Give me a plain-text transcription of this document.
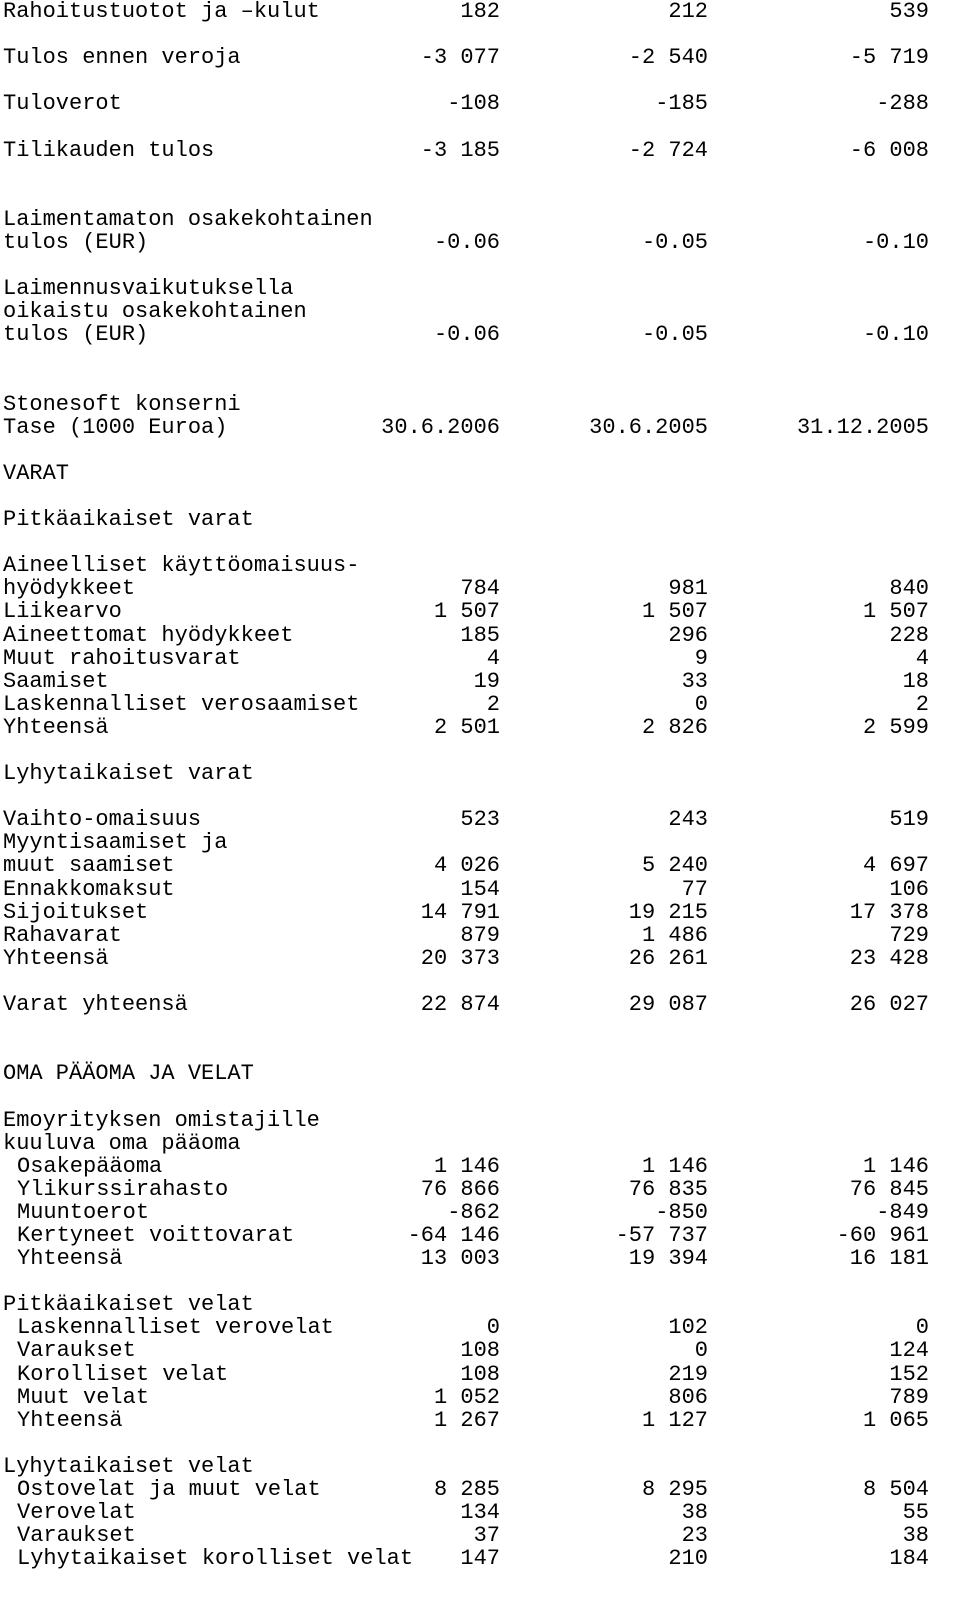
Rahoitustuotot ja –kulut	182	212	539
Tulos ennen veroja	-3 077	-2 540	-5 719
Tuloverot	-108	-185	-288
Tilikauden tulos	-3 185	-2 724	-6 008
Laimentamaton osakekohtainen
tulos (EUR)	-0.06	-0.05	-0.10
Laimennusvaikutuksella
oikaistu osakekohtainen
tulos (EUR)	-0.06	-0.05	-0.10
Stonesoft konserni
Tase (1000 Euroa)	30.6.2006	30.6.2005	31.12.2005
VARAT
Pitkäaikaiset varat
Aineelliset käyttöomaisuus-
hyödykkeet	784	981	840
Liikearvo	1 507	1 507	1 507
Aineettomat hyödykkeet	185	296	228
Muut rahoitusvarat	4	9	4
Saamiset	19	33	18
Laskennalliset verosaamiset	2	0	2
Yhteensä	2 501	2 826	2 599
Lyhytaikaiset varat
Vaihto-omaisuus	523	243	519
Myyntisaamiset ja
muut saamiset	4 026	5 240	4 697
Ennakkomaksut	154	77	106
Sijoitukset	14 791	19 215	17 378
Rahavarat	879	1 486	729
Yhteensä	20 373	26 261	23 428
Varat yhteensä	22 874	29 087	26 027
OMA PÄÄOMA JA VELAT
Emoyrityksen omistajille
kuuluva oma pääoma
Osakepääoma	1 146	1 146	1 146
Ylikurssirahasto	76 866	76 835	76 845
Muuntoerot	-862	-850	-849
Kertyneet voittovarat	-64 146	-57 737	-60 961
Yhteensä	13 003	19 394	16 181
Pitkäaikaiset velat
Laskennalliset verovelat	0	102	0
Varaukset	108	0	124
Korolliset velat	108	219	152
Muut velat	1 052	806	789
Yhteensä	1 267	1 127	1 065
Lyhytaikaiset velat
Ostovelat ja muut velat	8 285	8 295	8 504
Verovelat	134	38	55
Varaukset	37	23	38
Lyhytaikaiset korolliset velat	147	210	184
